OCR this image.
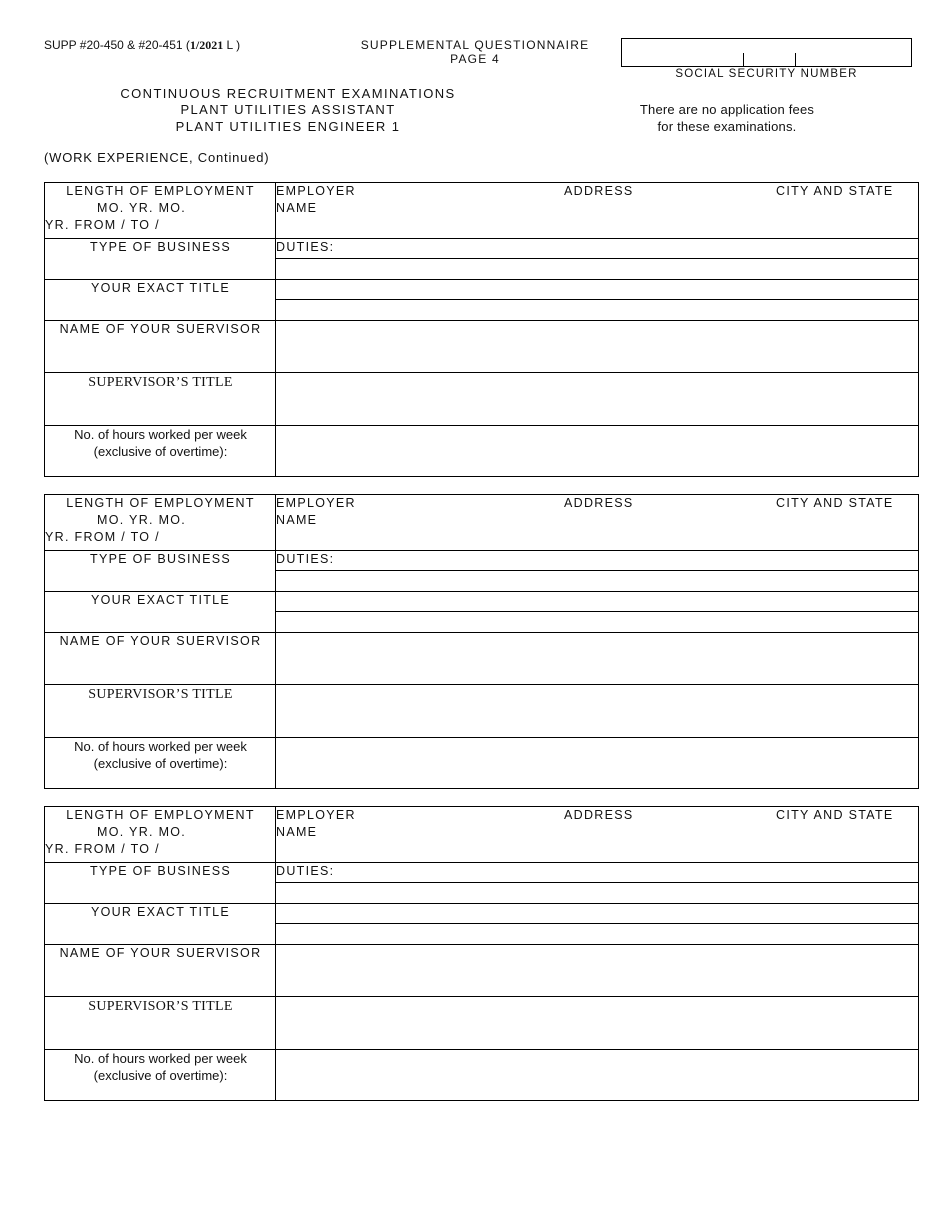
SUPP #20-450 & #20-451 (1/2021 L )	SUPPLEMENTAL QUESTIONNAIRE
PAGE 4
SOCIAL SECURITY NUMBER
CONTINUOUS RECRUITMENT EXAMINATIONS
PLANT UTILITIES ASSISTANT
PLANT UTILITIES ENGINEER 1
There are no application fees
for these examinations.
(WORK EXPERIENCE, Continued)
LENGTH OF EMPLOYMENT
MO. YR. MO.
YR. FROM / TO /
EMPLOYER
NAME
ADDRESS	CITY AND STATE
TYPE OF BUSINESS	DUTIES:
YOUR EXACT TITLE
NAME OF YOUR SUERVISOR
SUPERVISOR’S TITLE
No. of hours worked per week
(exclusive of overtime):
LENGTH OF EMPLOYMENT
MO. YR. MO.
YR. FROM / TO /
EMPLOYER
NAME
ADDRESS	CITY AND STATE
TYPE OF BUSINESS	DUTIES:
YOUR EXACT TITLE
NAME OF YOUR SUERVISOR
SUPERVISOR’S TITLE
No. of hours worked per week
(exclusive of overtime):
LENGTH OF EMPLOYMENT
MO. YR. MO.
YR. FROM / TO /
EMPLOYER
NAME
ADDRESS	CITY AND STATE
TYPE OF BUSINESS	DUTIES:
YOUR EXACT TITLE
NAME OF YOUR SUERVISOR
SUPERVISOR’S TITLE
No. of hours worked per week
(exclusive of overtime):
